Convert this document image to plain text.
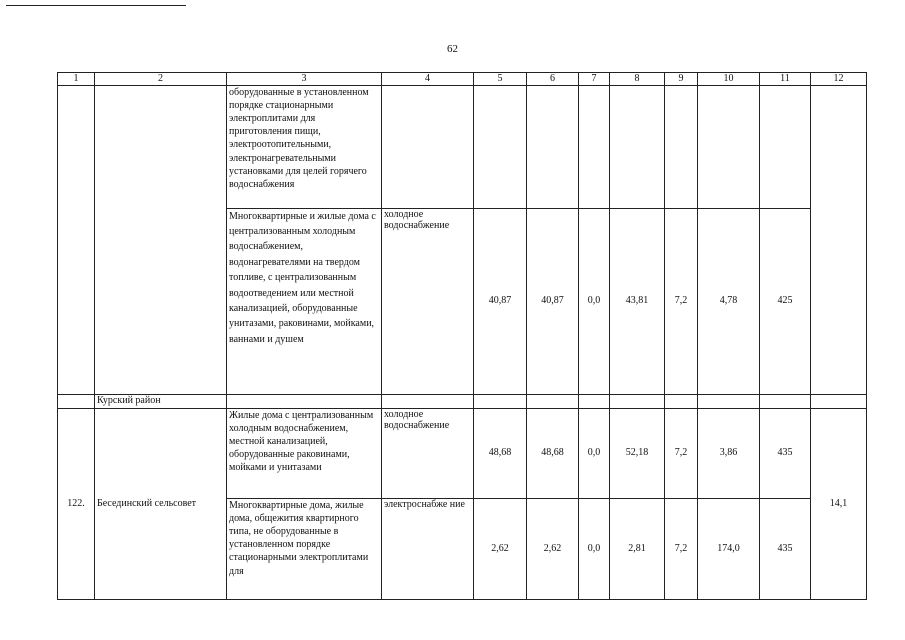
62
1	2	3	4	5	6	7	8	9	10	11	12
		оборудованные в установленном порядке стационарными электроплитами для приготовления пищи, электроотопительными, электронагревательными установками для целей горячего водоснабжения									
		Многоквартирные и жилые дома с централизованным холодным водоснабжением, водонагревателями на твердом топливе, с централизованным водоотведением или местной канализацией, оборудованные унитазами, раковинами, мойками, ваннами и душем	холодное водоснабжение	40,87	40,87	0,0	43,81	7,2	4,78	425	
	Курский район										
122.	Бесединский сельсовет	Жилые дома с централизованным холодным водоснабжением, местной канализацией, оборудованные раковинами, мойками и унитазами	холодное водоснабжение	48,68	48,68	0,0	52,18	7,2	3,86	435	14,1
		Многоквартирные дома, жилые дома, общежития квартирного типа, не оборудованные в установленном порядке стационарными электроплитами для	электроснабже ние	2,62	2,62	0,0	2,81	7,2	174,0	435	
